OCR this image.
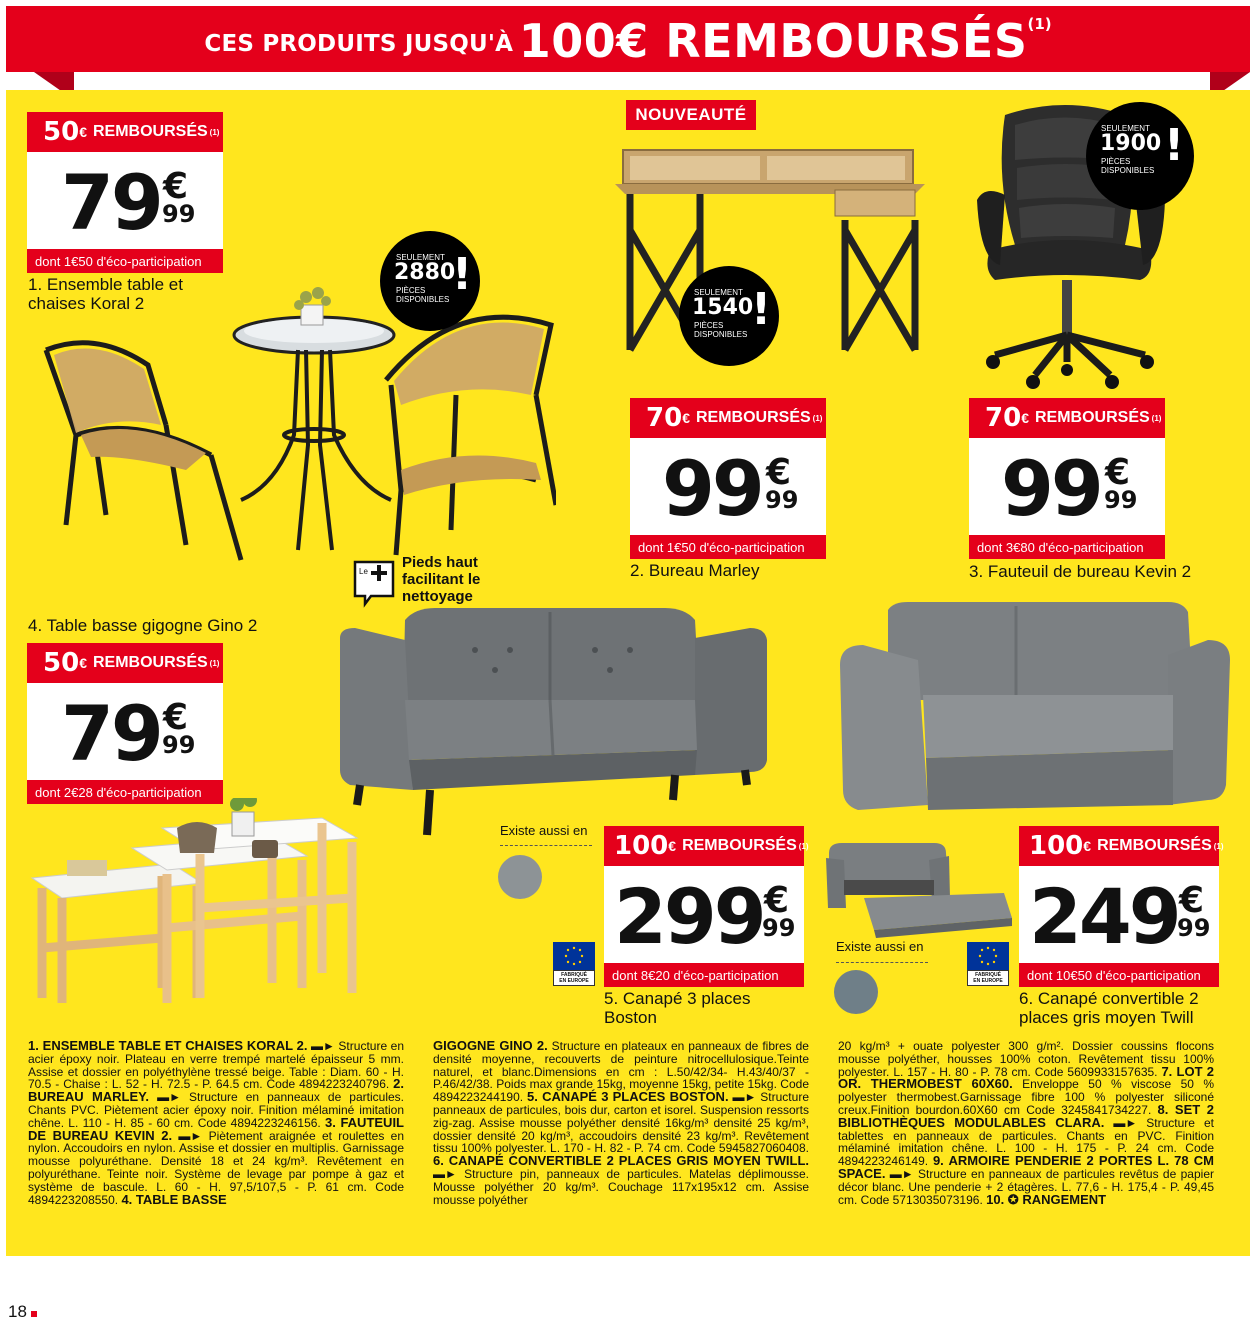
CES PRODUITS JUSQU'À 100€ REMBOURSÉS(1)
50 € REMBOURSÉS (1)
79 €
99
dont 1€50 d'éco-participation
1. Ensemble table et chaises Koral 2
70 € REMBOURSÉS (1)
99 €
99
dont 1€50 d'éco-participation
2. Bureau Marley
70 € REMBOURSÉS (1)
99 €
99
dont 3€80 d'éco-participation
3. Fauteuil de bureau Kevin 2
4. Table basse gigogne Gino 2
50 € REMBOURSÉS (1)
79 €
99
dont 2€28 d'éco-participation
100 € REMBOURSÉS (1)
299 €
99
dont 8€20 d'éco-participation
5. Canapé 3 places
Boston
100 € REMBOURSÉS (1)
249 €
99
dont 10€50 d'éco-participation
6. Canapé convertible 2
places gris moyen Twill
NOUVEAUTÉ
SEULEMENT
2880
PIÈCES
DISPONIBLES !	SEULEMENT
1540
PIÈCES
DISPONIBLES !
SEULEMENT
1900
PIÈCES
DISPONIBLES !
Le
Pieds haut
facilitant le
nettoyage
Existe aussi en
Existe aussi en
FABRIQUÉ
EN EUROPE
FABRIQUÉ
EN EUROPE
1. ENSEMBLE TABLE ET CHAISES KORAL 2. ▬► Structure en acier époxy noir. Plateau en verre trempé martelé épaisseur 5 mm. Assise et dossier en polyéthylène tressé beige. Table : Diam. 60 - H. 70.5 - Chaise : L. 52 - H. 72.5 - P. 64.5 cm. Code 4894223240796. 2. BUREAU MARLEY. ▬► Structure en panneaux de particules. Chants PVC. Piètement acier époxy noir. Finition mélaminé imitation chêne. L. 110 - H. 85 - 60 cm. Code 4894223246156. 3. FAUTEUIL DE BUREAU KEVIN 2. ▬► Piètement araignée et roulettes en nylon. Accoudoirs en nylon. Assise et dossier en multiplis. Garnissage mousse polyuréthane. Densité 18 et 24 kg/m³. Revêtement en polyuréthane. Teinte noir. Système de levage par pompe à gaz et système de bascule. L. 60 - H. 97,5/107,5 - P. 61 cm. Code 4894223208550. 4. TABLE BASSE
GIGOGNE GINO 2. Structure en plateaux en panneaux de fibres de densité moyenne, recouverts de peinture nitrocellulosique.Teinte naturel, et blanc.Dimensions en cm : L.50/42/34- H.43/40/37 - P.46/42/38. Poids max grande 15kg, moyenne 15kg, petite 15kg. Code 4894223244190. 5. CANAPÉ 3 PLACES BOSTON. ▬► Structure panneaux de particules, bois dur, carton et isorel. Suspension ressorts zig-zag. Assise mousse polyéther densité 16kg/m³ densité 25 kg/m³, dossier densité 20 kg/m³, accoudoirs densité 23 kg/m³. Revêtement tissu 100% polyester. L. 170 - H. 82 - P. 74 cm. Code 5945827060408. 6. CANAPÉ CONVERTIBLE 2 PLACES GRIS MOYEN TWILL. ▬► Structure pin, panneaux de particules. Matelas déplimousse. Mousse polyéther 20 kg/m³. Couchage 117x195x12 cm. Assise mousse polyéther
20 kg/m³ + ouate polyester 300 g/m². Dossier coussins flocons mousse polyéther, housses 100% coton. Revêtement tissu 100% polyester. L. 157 - H. 80 - P. 78 cm. Code 5609933157635. 7. LOT 2 OR. THERMOBEST 60X60. Enveloppe 50 % viscose 50 % polyester thermobest.Garnissage fibre 100 % polyester siliconé creux.Finition bourdon.60X60 cm Code 3245841734227. 8. SET 2 BIBLIOTHÈQUES MODULABLES CLARA. ▬► Structure et tablettes en panneaux de particules. Chants en PVC. Finition mélaminé imitation chêne. L. 100 - H. 175 - P. 24 cm. Code 4894223246149. 9. ARMOIRE PENDERIE 2 PORTES L. 78 CM SPACE. ▬► Structure en panneaux de particules revêtus de papier décor blanc. Une penderie + 2 étagères. L. 77,6 - H. 175,4 - P. 49,45 cm. Code 5713035073196. 10. ✪ RANGEMENT
18
